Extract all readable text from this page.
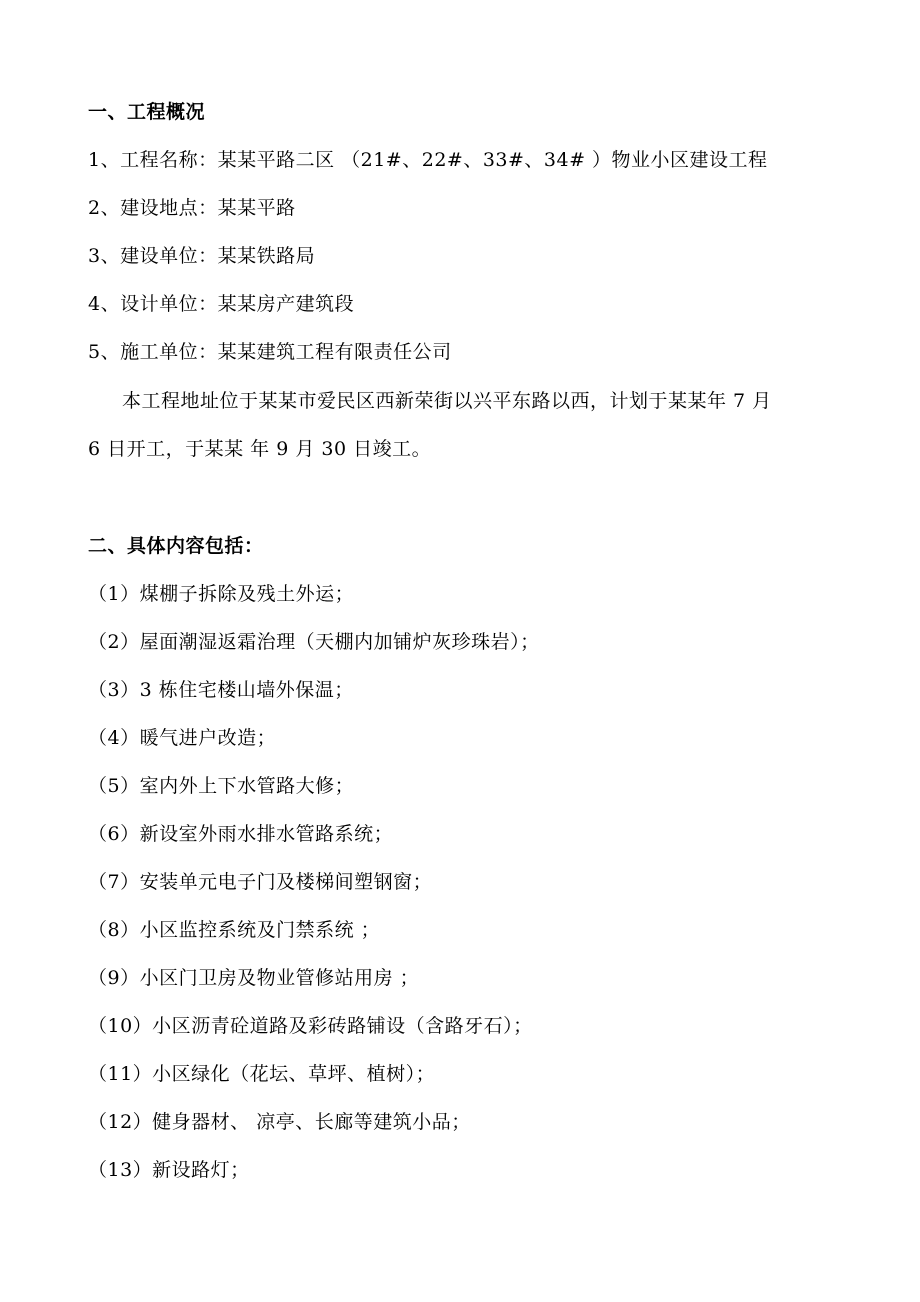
一、工程概况
1、工程名称：某某平路二区 （21#、22#、33#、34# ）物业小区建设工程
2、建设地点：某某平路
3、建设单位：某某铁路局
4、设计单位：某某房产建筑段
5、施工单位：某某建筑工程有限责任公司
本工程地址位于某某市爱民区西新荣街以兴平东路以西，计划于某某年 7 月
6 日开工，于某某 年 9 月 30 日竣工。
二、具体内容包括：
（1）煤棚子拆除及残土外运；
（2）屋面潮湿返霜治理（天棚内加铺炉灰珍珠岩）；
（3）3 栋住宅楼山墙外保温；
（4）暖气进户改造；
（5）室内外上下水管路大修；
（6）新设室外雨水排水管路系统；
（7）安装单元电子门及楼梯间塑钢窗；
（8）小区监控系统及门禁系统 ；
（9）小区门卫房及物业管修站用房 ；
（10）小区沥青砼道路及彩砖路铺设（含路牙石）；
（11）小区绿化（花坛、草坪、植树）；
（12）健身器材、 凉亭、长廊等建筑小品；
（13）新设路灯；
